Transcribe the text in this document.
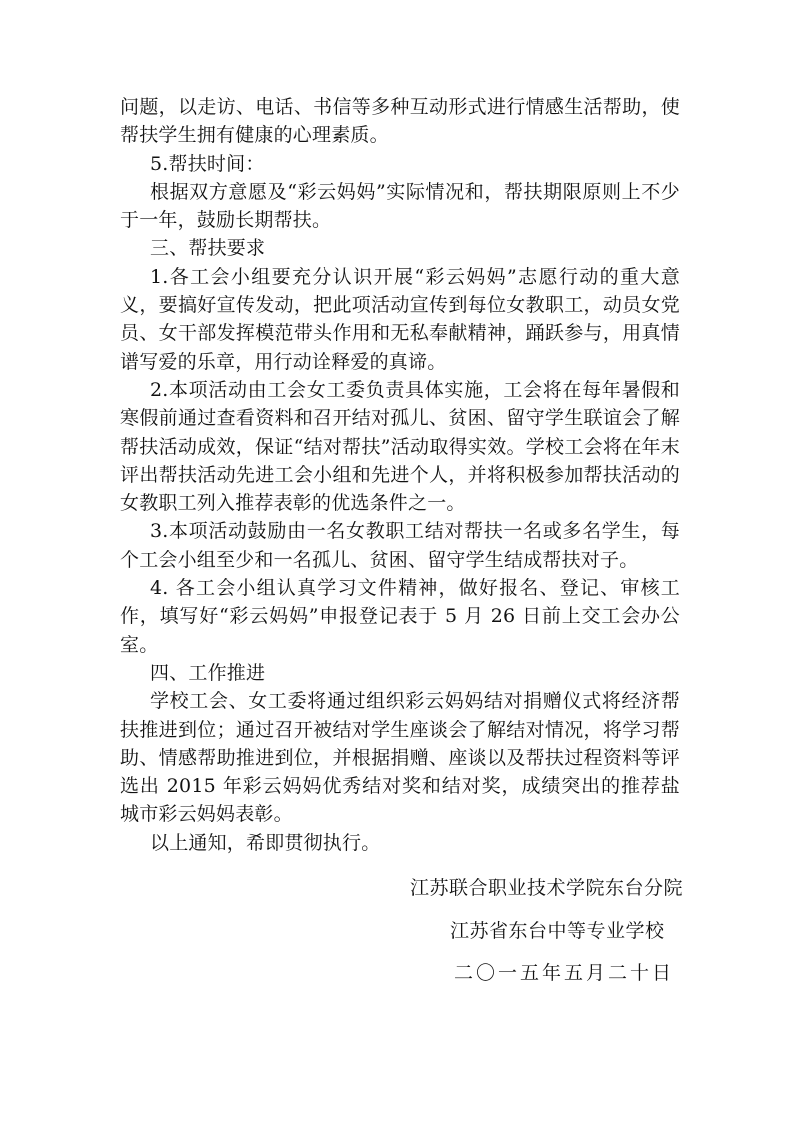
问题，以走访、电话、书信等多种互动形式进行情感生活帮助，使帮扶学生拥有健康的心理素质。

5.帮扶时间：

根据双方意愿及“彩云妈妈”实际情况和，帮扶期限原则上不少于一年，鼓励长期帮扶。

三、帮扶要求

1.各工会小组要充分认识开展“彩云妈妈”志愿行动的重大意义，要搞好宣传发动，把此项活动宣传到每位女教职工，动员女党员、女干部发挥模范带头作用和无私奉献精神，踊跃参与，用真情谱写爱的乐章，用行动诠释爱的真谛。

2.本项活动由工会女工委负责具体实施，工会将在每年暑假和寒假前通过查看资料和召开结对孤儿、贫困、留守学生联谊会了解帮扶活动成效，保证“结对帮扶”活动取得实效。学校工会将在年末评出帮扶活动先进工会小组和先进个人，并将积极参加帮扶活动的女教职工列入推荐表彰的优选条件之一。

3.本项活动鼓励由一名女教职工结对帮扶一名或多名学生，每个工会小组至少和一名孤儿、贫困、留守学生结成帮扶对子。

4. 各工会小组认真学习文件精神，做好报名、登记、审核工作，填写好“彩云妈妈”申报登记表于 5 月 26 日前上交工会办公室。

四、工作推进

学校工会、女工委将通过组织彩云妈妈结对捐赠仪式将经济帮扶推进到位；通过召开被结对学生座谈会了解结对情况，将学习帮助、情感帮助推进到位，并根据捐赠、座谈以及帮扶过程资料等评选出 2015 年彩云妈妈优秀结对奖和结对奖，成绩突出的推荐盐城市彩云妈妈表彰。

以上通知，希即贯彻执行。

江苏联合职业技术学院东台分院
江苏省东台中等专业学校
二〇一五年五月二十日
